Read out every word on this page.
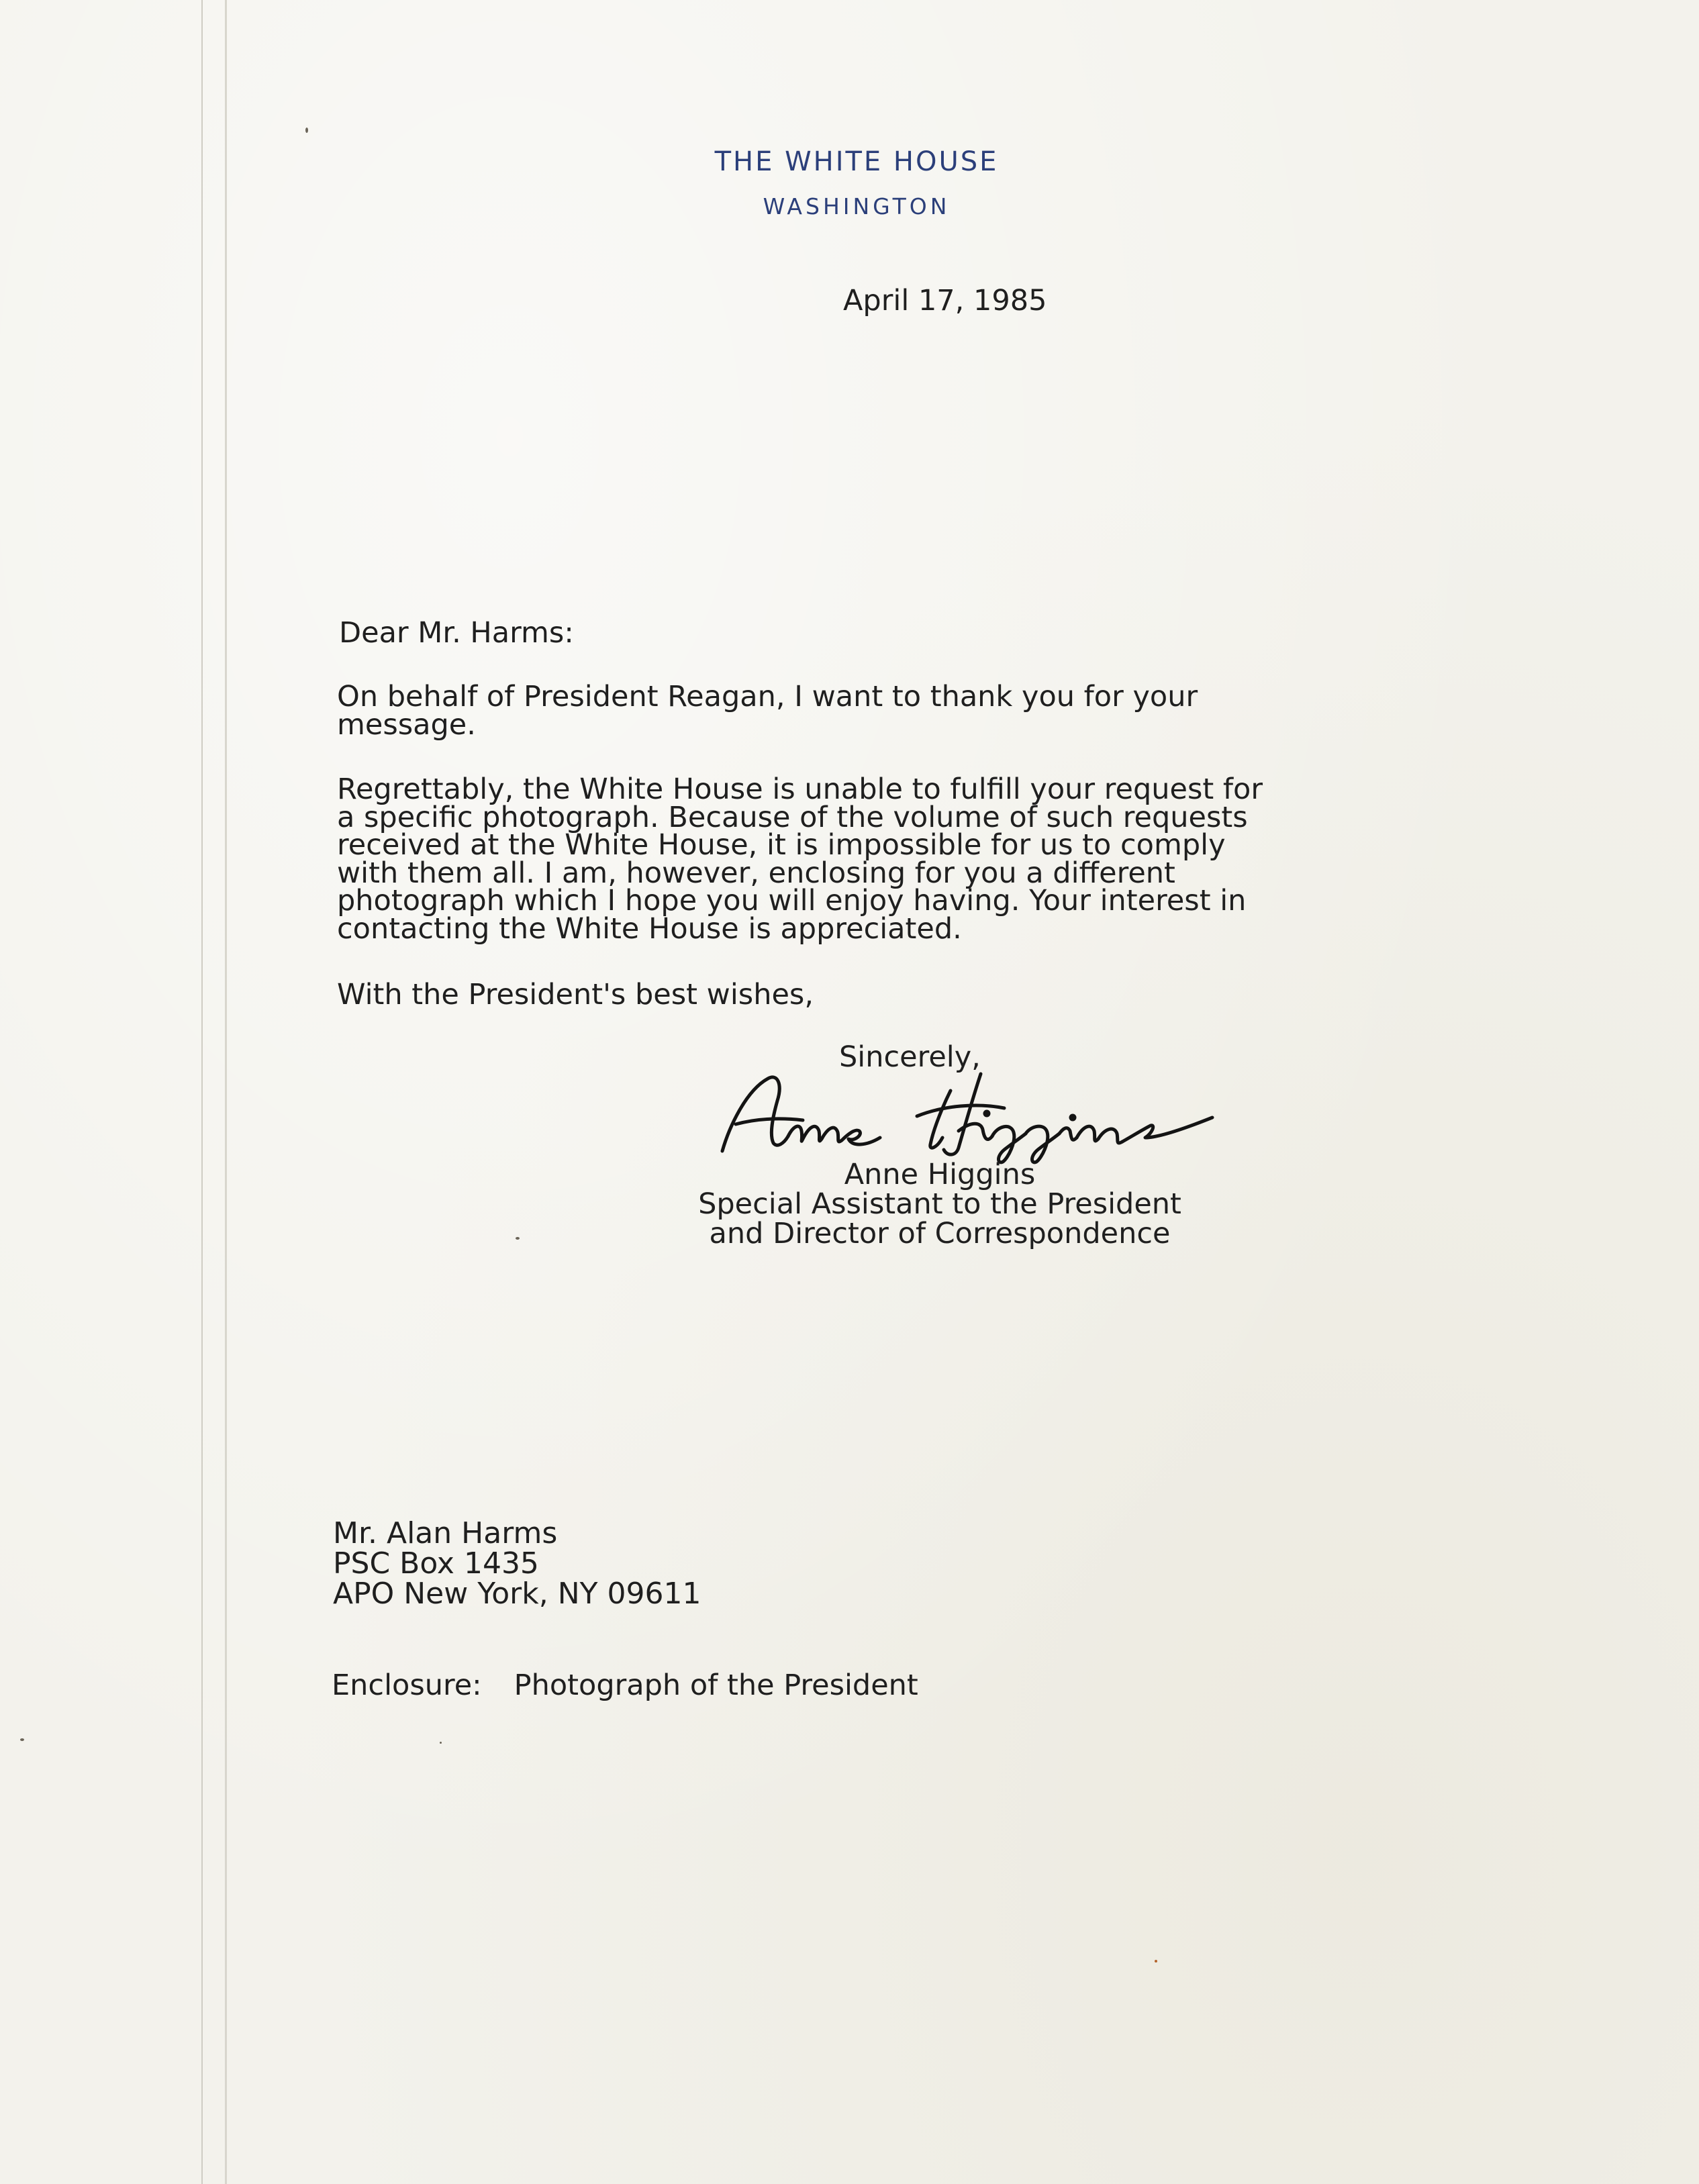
THE WHITE HOUSE
WASHINGTON
April 17, 1985
Dear Mr. Harms:
On behalf of President Reagan, I want to thank you for your
message.
Regrettably, the White House is unable to fulfill your request for
a specific photograph. Because of the volume of such requests
received at the White House, it is impossible for us to comply
with them all. I am, however, enclosing for you a different
photograph which I hope you will enjoy having. Your interest in
contacting the White House is appreciated.
With the President's best wishes,
Sincerely,
Anne Higgins
Special Assistant to the President
and Director of Correspondence
Mr. Alan Harms
PSC Box 1435
APO New York, NY 09611
Enclosure: Photograph of the President
